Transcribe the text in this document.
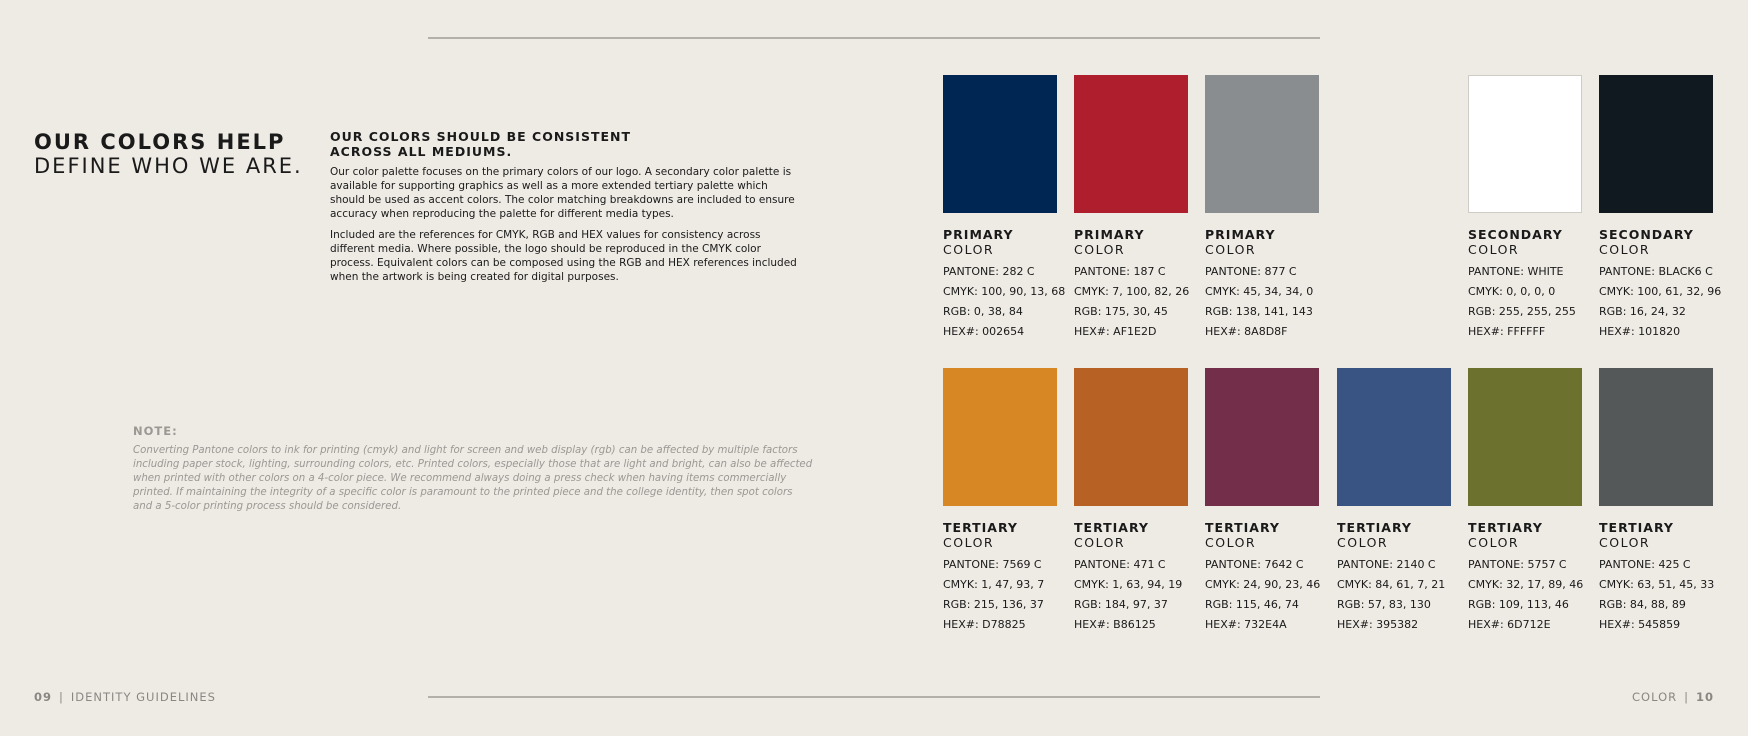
OUR COLORS HELP
DEFINE WHO WE ARE.
OUR COLORS SHOULD BE CONSISTENT ACROSS ALL MEDIUMS.

Our color palette focuses on the primary colors of our logo. A secondary color palette is available for supporting graphics as well as a more extended tertiary palette which should be used as accent colors. The color matching breakdowns are included to ensure accuracy when reproducing the palette for different media types.

Included are the references for CMYK, RGB and HEX values for consistency across different media. Where possible, the logo should be reproduced in the CMYK color process. Equivalent colors can be composed using the RGB and HEX references included when the artwork is being created for digital purposes.

NOTE:
Converting Pantone colors to ink for printing (cmyk) and light for screen and web display (rgb) can be affected by multiple factors including paper stock, lighting, surrounding colors, etc. Printed colors, especially those that are light and bright, can also be affected when printed with other colors on a 4-color piece. We recommend always doing a press check when having items commercially printed. If maintaining the integrity of a specific color is paramount to the printed piece and the college identity, then spot colors and a 5-color printing process should be considered.
09 | IDENTITY GUIDELINES	COLOR | 10
PRIMARY
COLOR
PANTONE: 282 C
CMYK: 100, 90, 13, 68
RGB: 0, 38, 84
HEX#: 002654
PRIMARY
COLOR
PANTONE: 187 C
CMYK: 7, 100, 82, 26
RGB: 175, 30, 45
HEX#: AF1E2D
PRIMARY
COLOR
PANTONE: 877 C
CMYK: 45, 34, 34, 0
RGB: 138, 141, 143
HEX#: 8A8D8F
SECONDARY
COLOR
PANTONE: WHITE
CMYK: 0, 0, 0, 0
RGB: 255, 255, 255
HEX#: FFFFFF
SECONDARY
COLOR
PANTONE: BLACK6 C
CMYK: 100, 61, 32, 96
RGB: 16, 24, 32
HEX#: 101820
TERTIARY
COLOR
PANTONE: 7569 C
CMYK: 1, 47, 93, 7
RGB: 215, 136, 37
HEX#: D78825
TERTIARY
COLOR
PANTONE: 471 C
CMYK: 1, 63, 94, 19
RGB: 184, 97, 37
HEX#: B86125
TERTIARY
COLOR
PANTONE: 7642 C
CMYK: 24, 90, 23, 46
RGB: 115, 46, 74
HEX#: 732E4A
TERTIARY
COLOR
PANTONE: 2140 C
CMYK: 84, 61, 7, 21
RGB: 57, 83, 130
HEX#: 395382
TERTIARY
COLOR
PANTONE: 5757 C
CMYK: 32, 17, 89, 46
RGB: 109, 113, 46
HEX#: 6D712E
TERTIARY
COLOR
PANTONE: 425 C
CMYK: 63, 51, 45, 33
RGB: 84, 88, 89
HEX#: 545859
